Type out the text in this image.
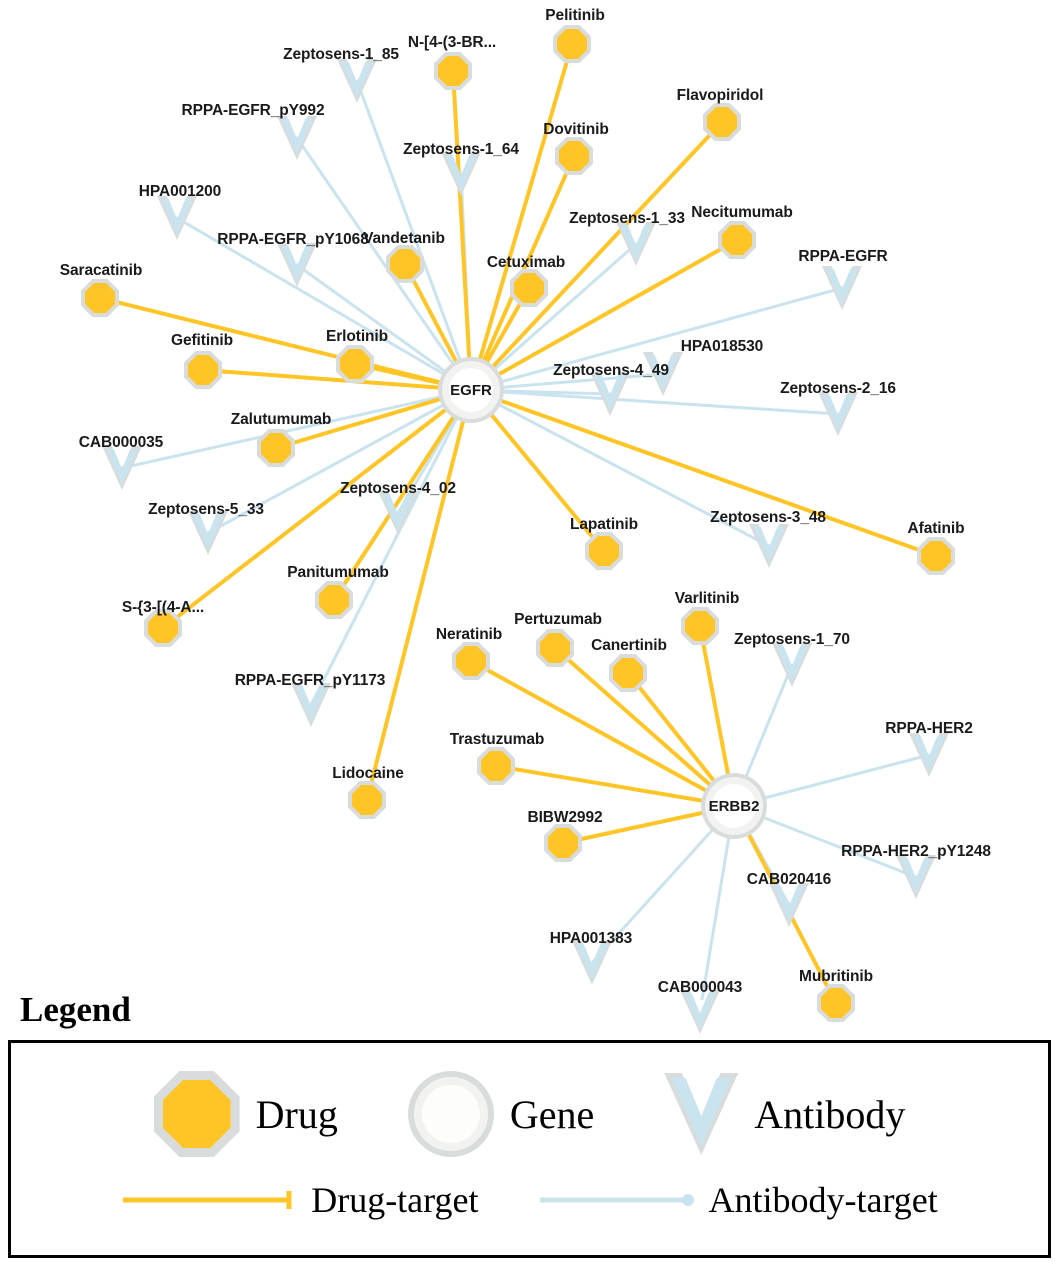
Zeptosens-1_85
Zeptosens-1_64
RPPA-EGFR_pY992
HPA001200
Zeptosens-1_33
RPPA-EGFR
RPPA-EGFR_pY1068
HPA018530
Zeptosens-4_49
Zeptosens-2_16
CAB000035
Zeptosens-4_02
Zeptosens-5_33	Zeptosens-3_48
RPPA-EGFR_pY1173
Zeptosens-1_70
RPPA-HER2
RPPA-HER2_pY1248
CAB020416
HPA001383
CAB000043
Pelitinib
N-[4-(3-BR...
Flavopiridol
Dovitinib
Necitumumab
Vandetanib
Cetuximab
Saracatinib
Erlotinib
Gefitinib
Zalutumumab
Lapatinib	Afatinib
Panitumumab
S-{3-[(4-A...
Varlitinib
Pertuzumab
Neratinib
Canertinib
Trastuzumab
Lidocaine
BIBW2992
Mubritinib
EGFR
ERBB2
Legend
Drug	Gene	Antibody
Drug-target	Antibody-target
